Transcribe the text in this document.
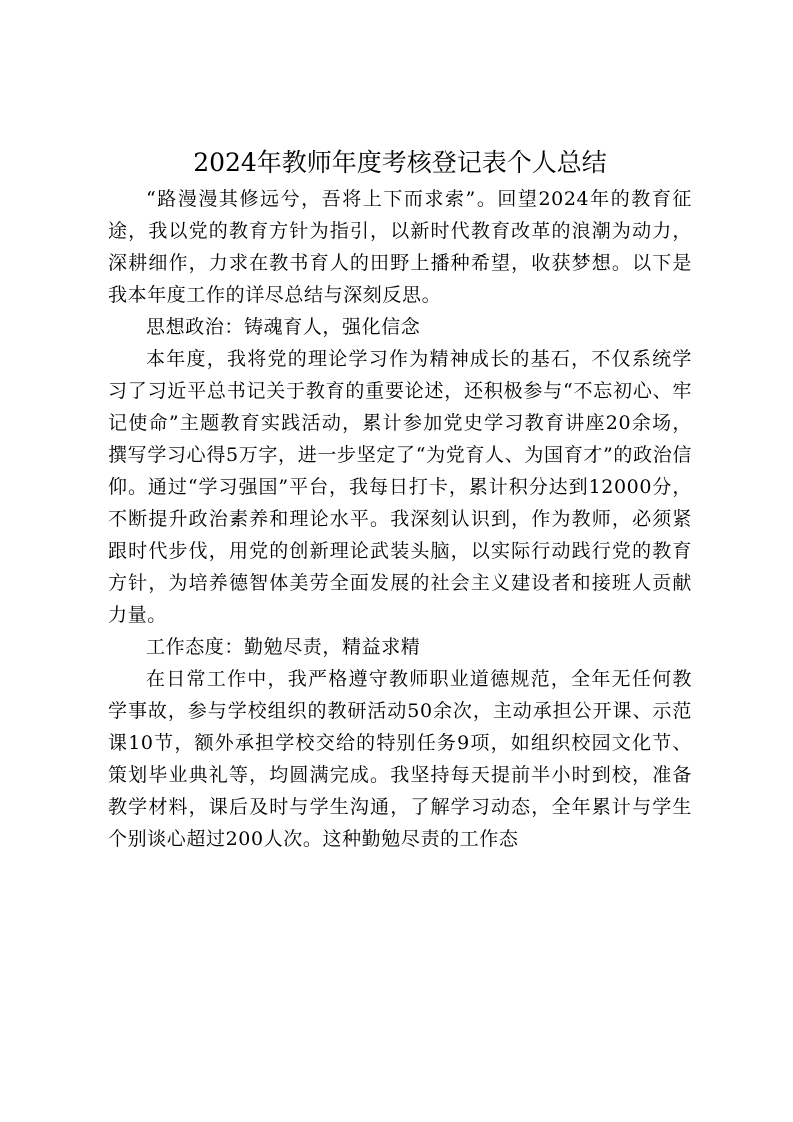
2024年教师年度考核登记表个人总结

“路漫漫其修远兮，吾将上下而求索”。回望2024年的教育征途，我以党的教育方针为指引，以新时代教育改革的浪潮为动力，深耕细作，力求在教书育人的田野上播种希望，收获梦想。以下是我本年度工作的详尽总结与深刻反思。

思想政治：铸魂育人，强化信念

本年度，我将党的理论学习作为精神成长的基石，不仅系统学习了习近平总书记关于教育的重要论述，还积极参与“不忘初心、牢记使命”主题教育实践活动，累计参加党史学习教育讲座20余场，撰写学习心得5万字，进一步坚定了“为党育人、为国育才”的政治信仰。通过“学习强国”平台，我每日打卡，累计积分达到12000分，不断提升政治素养和理论水平。我深刻认识到，作为教师，必须紧跟时代步伐，用党的创新理论武装头脑，以实际行动践行党的教育方针，为培养德智体美劳全面发展的社会主义建设者和接班人贡献力量。

工作态度：勤勉尽责，精益求精

在日常工作中，我严格遵守教师职业道德规范，全年无任何教学事故，参与学校组织的教研活动50余次，主动承担公开课、示范课10节，额外承担学校交给的特别任务9项，如组织校园文化节、策划毕业典礼等，均圆满完成。我坚持每天提前半小时到校，准备教学材料，课后及时与学生沟通，了解学习动态，全年累计与学生个别谈心超过200人次。这种勤勉尽责的工作态
